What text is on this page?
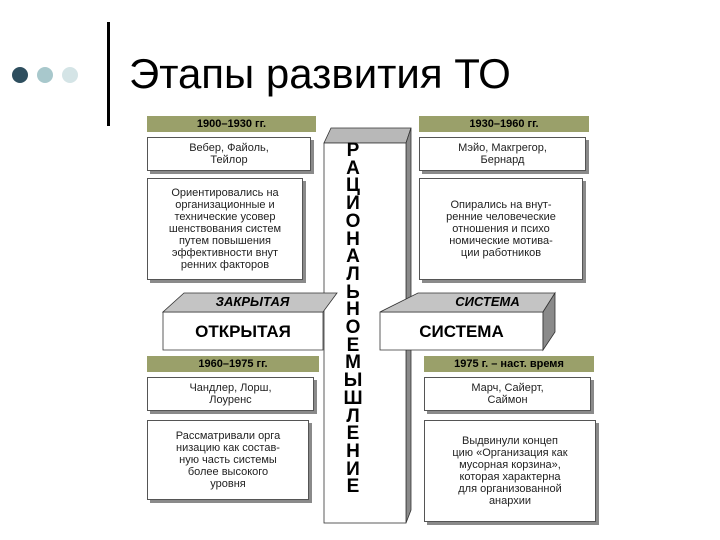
Этапы развития ТО
Р
А
Ц
И
О
Н
А
Л
Ь
Н
О
Е
М
Ы
Ш
Л
Е
Н
И
Е
ЗАКРЫТАЯ	СИСТЕМА
ОТКРЫТАЯ	СИСТЕМА
1900–1930 гг.
Вебер, Файоль,
Тейлор
Ориентировались на
организационные и
технические усовер
шенствования систем
путем повышения
эффективности внут
ренних факторов
1930–1960 гг.
Мэйо, Макгрегор,
Бернард
Опирались на внут-
ренние человеческие
отношения и психо
номические мотива-
ции работников
1960–1975 гг.
Чандлер, Лорш,
Лоуренс
Рассматривали орга
низацию как состав-
ную часть системы
более высокого
уровня
1975 г. – наст. время
Марч, Сайерт,
Саймон
Выдвинули концеп
цию «Организация как
мусорная корзина»,
которая характерна
для организованной
анархии
